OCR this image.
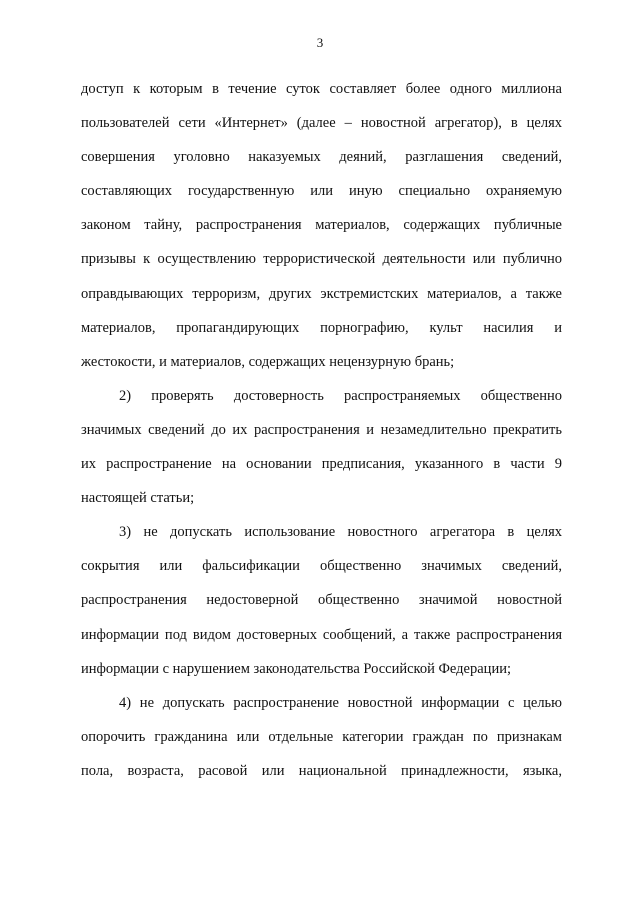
3
доступ к которым в течение суток составляет более одного миллиона
пользователей сети «Интернет» (далее – новостной агрегатор), в целях
совершения уголовно наказуемых деяний, разглашения сведений,
составляющих государственную или иную специально охраняемую
законом тайну, распространения материалов, содержащих публичные
призывы к осуществлению террористической деятельности или публично
оправдывающих терроризм, других экстремистских материалов, а также
материалов, пропагандирующих порнографию, культ насилия и
жестокости, и материалов, содержащих нецензурную брань;
2) проверять достоверность распространяемых общественно
значимых сведений до их распространения и незамедлительно прекратить
их распространение на основании предписания, указанного в части 9
настоящей статьи;
3) не допускать использование новостного агрегатора в целях
сокрытия или фальсификации общественно значимых сведений,
распространения недостоверной общественно значимой новостной
информации под видом достоверных сообщений, а также распространения
информации с нарушением законодательства Российской Федерации;
4) не допускать распространение новостной информации с целью
опорочить гражданина или отдельные категории граждан по признакам
пола, возраста, расовой или национальной принадлежности, языка,
